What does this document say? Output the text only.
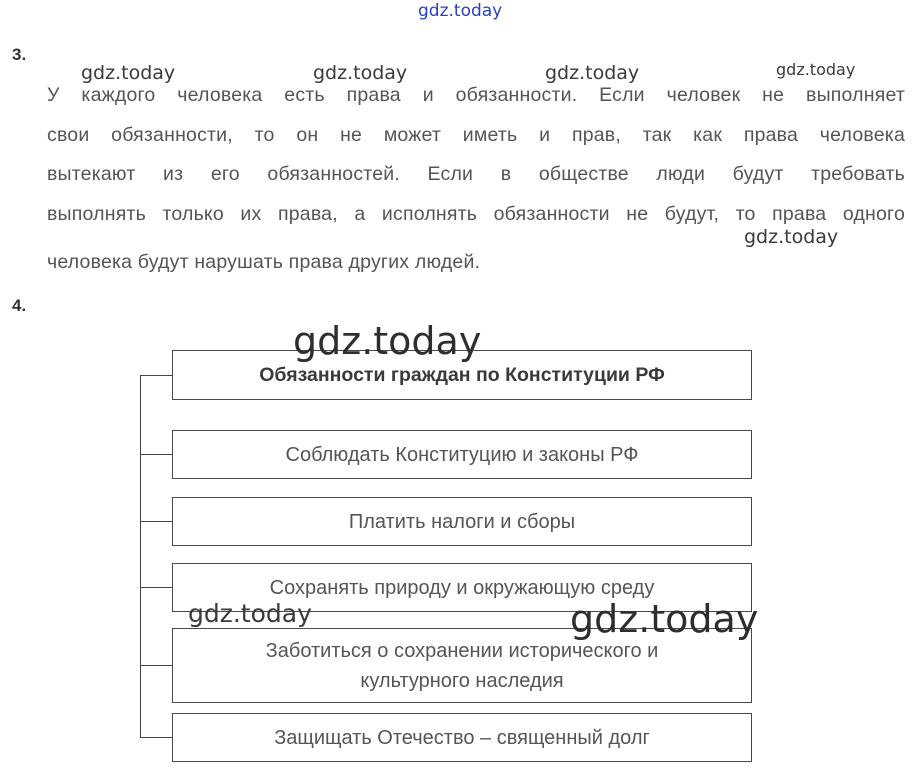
gdz.today
gdz.today	gdz.today	gdz.today	gdz.today
gdz.today
3.
У каждого человека есть права и обязанности. Если человек не выполняет
свои обязанности, то он не может иметь и прав, так как права человека
вытекают из его обязанностей. Если в обществе люди будут требовать
выполнять только их права, а исполнять обязанности не будут, то права одного
человека будут нарушать права других людей.
4.
Обязанности граждан по Конституции РФ
Соблюдать Конституцию и законы РФ
Платить налоги и сборы
Сохранять природу и окружающую среду
Заботиться о сохранении исторического и
культурного наследия
Защищать Отечество – священный долг
gdz.today
gdz.today	gdz.today
